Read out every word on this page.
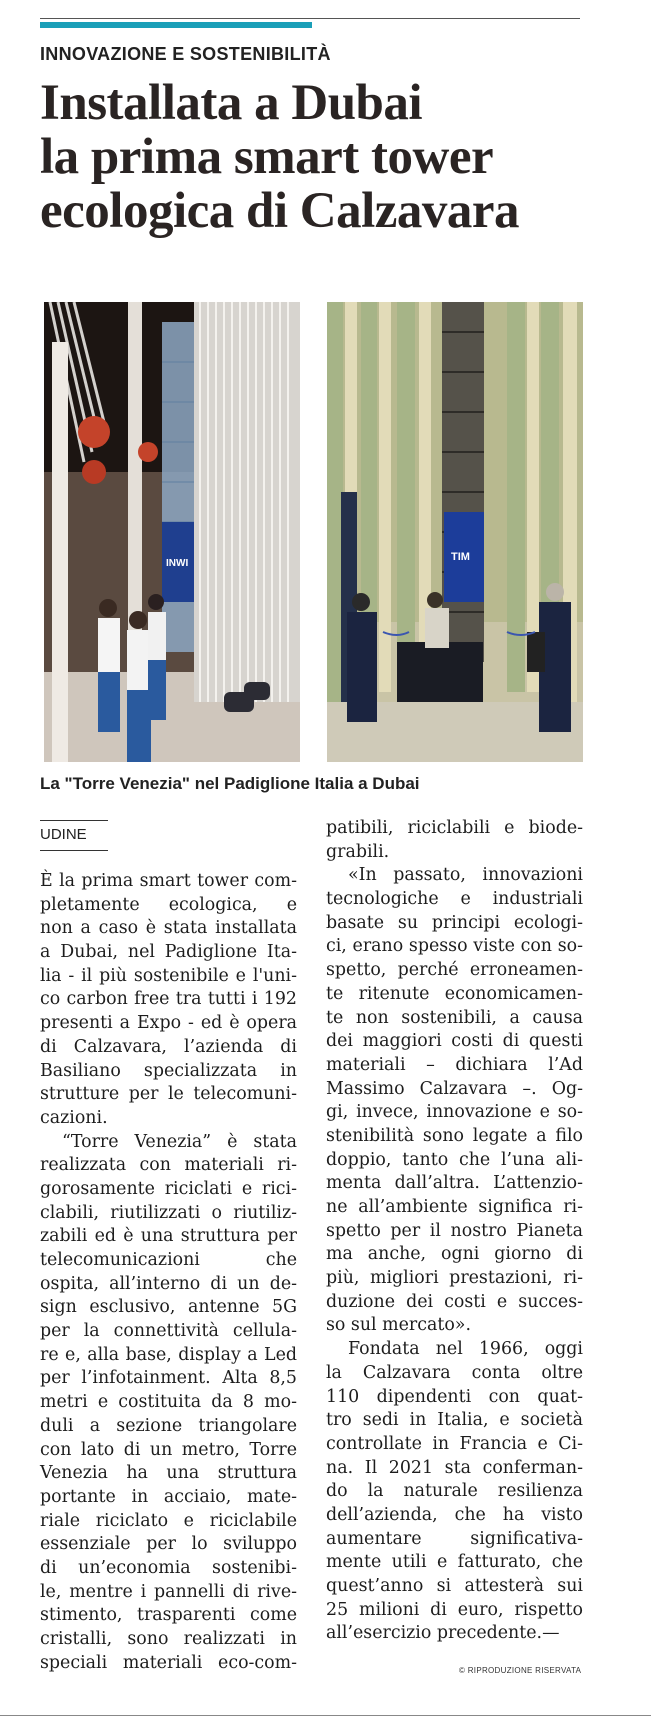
INNOVAZIONE E SOSTENIBILITÀ
Installata a Dubai
la prima smart tower
ecologica di Calzavara
INWI
TIM
La "Torre Venezia" nel Padiglione Italia a Dubai
UDINE
È la prima smart tower com-
pletamente ecologica, e
non a caso è stata installata
a Dubai, nel Padiglione Ita-
lia - il più sostenibile e l'uni-
co carbon free tra tutti i 192
presenti a Expo - ed è opera
di Calzavara, l’azienda di
Basiliano specializzata in
strutture per le telecomuni-
cazioni.
“Torre Venezia” è stata
realizzata con materiali ri-
gorosamente riciclati e rici-
clabili, riutilizzati o riutiliz-
zabili ed è una struttura per
telecomunicazioni che
ospita, all’interno di un de-
sign esclusivo, antenne 5G
per la connettività cellula-
re e, alla base, display a Led
per l’infotainment. Alta 8,5
metri e costituita da 8 mo-
duli a sezione triangolare
con lato di un metro, Torre
Venezia ha una struttura
portante in acciaio, mate-
riale riciclato e riciclabile
essenziale per lo sviluppo
di un’economia sostenibi-
le, mentre i pannelli di rive-
stimento, trasparenti come
cristalli, sono realizzati in
speciali materiali eco-com-
patibili, riciclabili e biode-
grabili.
«In passato, innovazioni
tecnologiche e industriali
basate su principi ecologi-
ci, erano spesso viste con so-
spetto, perché erroneamen-
te ritenute economicamen-
te non sostenibili, a causa
dei maggiori costi di questi
materiali – dichiara l’Ad
Massimo Calzavara –. Og-
gi, invece, innovazione e so-
stenibilità sono legate a filo
doppio, tanto che l’una ali-
menta dall’altra. L’attenzio-
ne all’ambiente significa ri-
spetto per il nostro Pianeta
ma anche, ogni giorno di
più, migliori prestazioni, ri-
duzione dei costi e succes-
so sul mercato».
Fondata nel 1966, oggi
la Calzavara conta oltre
110 dipendenti con quat-
tro sedi in Italia, e società
controllate in Francia e Ci-
na. Il 2021 sta conferman-
do la naturale resilienza
dell’azienda, che ha visto
aumentare significativa-
mente utili e fatturato, che
quest’anno si attesterà sui
25 milioni di euro, rispetto
all’esercizio precedente.—
© RIPRODUZIONE RISERVATA
